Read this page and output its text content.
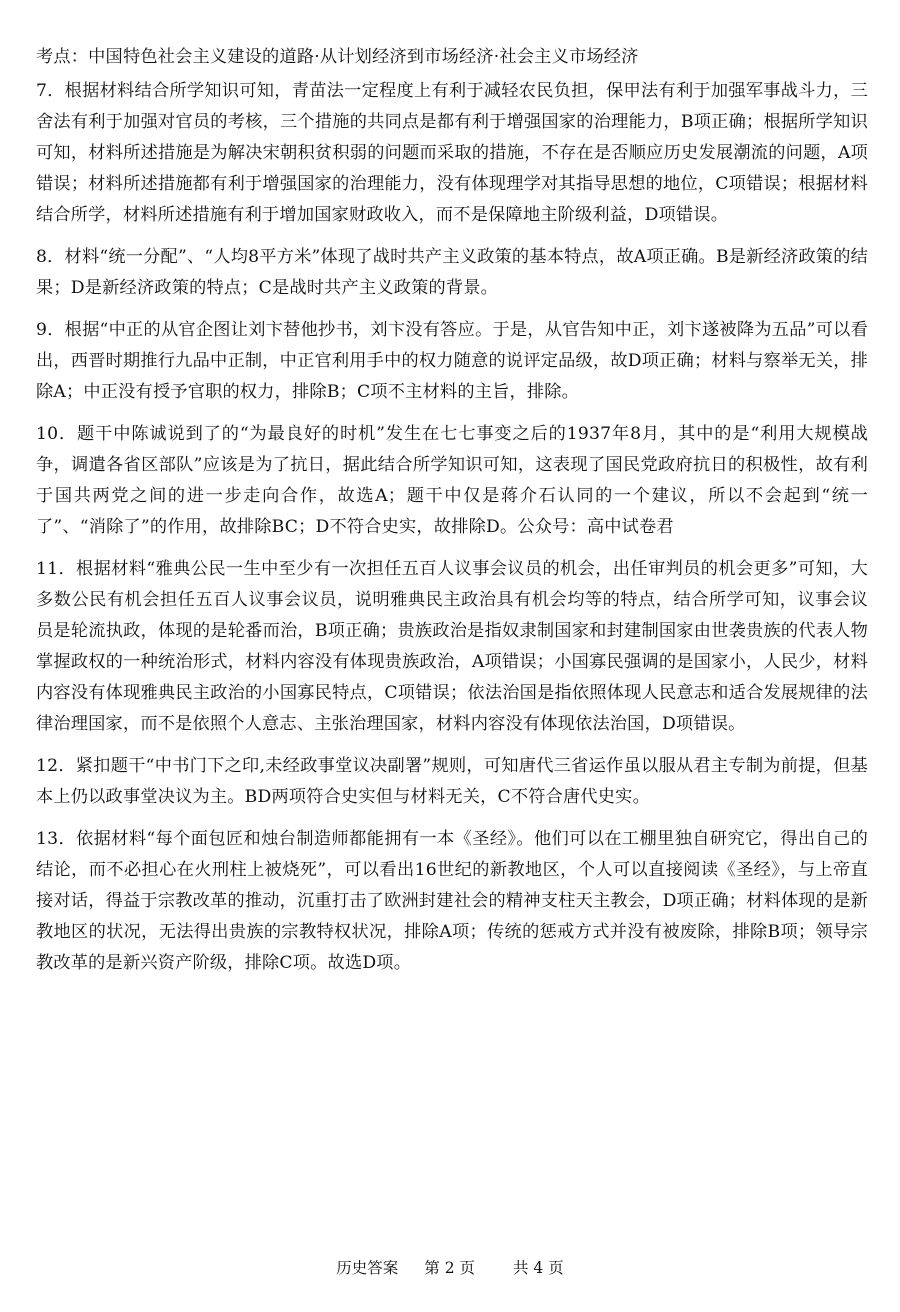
考点：中国特色社会主义建设的道路·从计划经济到市场经济·社会主义市场经济

7．根据材料结合所学知识可知，青苗法一定程度上有利于减轻农民负担，保甲法有利于加强军事战斗力，三舍法有利于加强对官员的考核，三个措施的共同点是都有利于增强国家的治理能力，B项正确；根据所学知识可知，材料所述措施是为解决宋朝积贫积弱的问题而采取的措施，不存在是否顺应历史发展潮流的问题，A项错误；材料所述措施都有利于增强国家的治理能力，没有体现理学对其指导思想的地位，C项错误；根据材料结合所学，材料所述措施有利于增加国家财政收入，而不是保障地主阶级利益，D项错误。

8．材料“统一分配”、“人均8平方米”体现了战时共产主义政策的基本特点，故A项正确。B是新经济政策的结果；D是新经济政策的特点；C是战时共产主义政策的背景。

9．根据“中正的从官企图让刘卞替他抄书，刘卞没有答应。于是，从官告知中正，刘卞遂被降为五品”可以看出，西晋时期推行九品中正制，中正官利用手中的权力随意的说评定品级，故D项正确；材料与察举无关，排除A；中正没有授予官职的权力，排除B；C项不主材料的主旨，排除。

10．题干中陈诚说到了的“为最良好的时机”发生在七七事变之后的1937年8月，其中的是“利用大规模战争，调遣各省区部队”应该是为了抗日，据此结合所学知识可知，这表现了国民党政府抗日的积极性，故有利于国共两党之间的进一步走向合作，故选A；题干中仅是蒋介石认同的一个建议，所以不会起到“统一了”、“消除了”的作用，故排除BC；D不符合史实，故排除D。公众号：高中试卷君

11．根据材料“雅典公民一生中至少有一次担任五百人议事会议员的机会，出任审判员的机会更多”可知，大多数公民有机会担任五百人议事会议员，说明雅典民主政治具有机会均等的特点，结合所学可知，议事会议员是轮流执政，体现的是轮番而治，B项正确；贵族政治是指奴隶制国家和封建制国家由世袭贵族的代表人物掌握政权的一种统治形式，材料内容没有体现贵族政治，A项错误；小国寡民强调的是国家小，人民少，材料内容没有体现雅典民主政治的小国寡民特点，C项错误；依法治国是指依照体现人民意志和适合发展规律的法律治理国家，而不是依照个人意志、主张治理国家，材料内容没有体现依法治国，D项错误。

12．紧扣题干“中书门下之印,未经政事堂议决副署”规则，可知唐代三省运作虽以服从君主专制为前提，但基本上仍以政事堂决议为主。BD两项符合史实但与材料无关，C不符合唐代史实。

13．依据材料“每个面包匠和烛台制造师都能拥有一本《圣经》。他们可以在工棚里独自研究它，得出自己的结论，而不必担心在火刑柱上被烧死”，可以看出16世纪的新教地区，个人可以直接阅读《圣经》，与上帝直接对话，得益于宗教改革的推动，沉重打击了欧洲封建社会的精神支柱天主教会，D项正确；材料体现的是新教地区的状况，无法得出贵族的宗教特权状况，排除A项；传统的惩戒方式并没有被废除，排除B项；领导宗教改革的是新兴资产阶级，排除C项。故选D项。

历史答案 第 2 页 共 4 页
